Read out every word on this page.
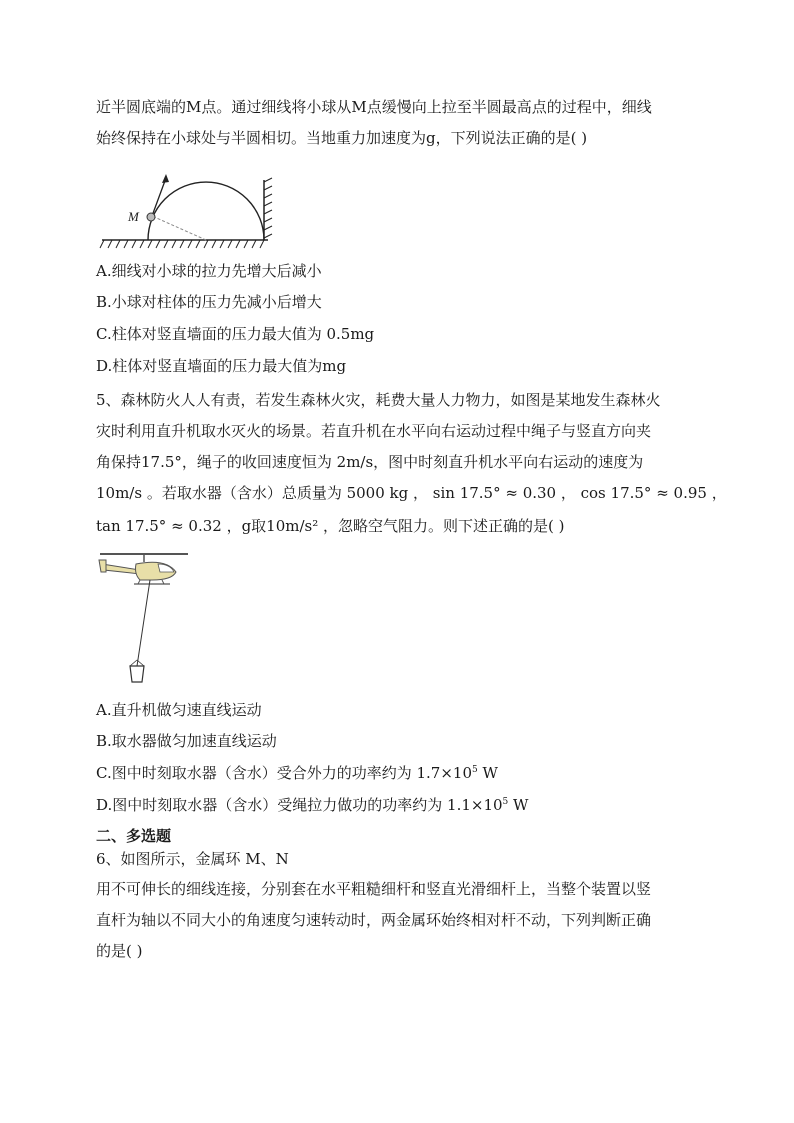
近半圆底端的M点。通过细线将小球从M点缓慢向上拉至半圆最高点的过程中，细线
始终保持在小球处与半圆相切。当地重力加速度为g，下列说法正确的是( )
M
A.细线对小球的拉力先增大后减小
B.小球对柱体的压力先减小后增大
C.柱体对竖直墙面的压力最大值为 0.5mg
D.柱体对竖直墙面的压力最大值为mg
5、森林防火人人有责，若发生森林火灾，耗费大量人力物力，如图是某地发生森林火
灾时利用直升机取水灭火的场景。若直升机在水平向右运动过程中绳子与竖直方向夹
角保持17.5°，绳子的收回速度恒为 2m/s，图中时刻直升机水平向右运动的速度为
10m/s 。若取水器（含水）总质量为 5000 kg ， sin 17.5° ≈ 0.30 ， cos 17.5° ≈ 0.95 ，
tan 17.5° ≈ 0.32 ，g取10m/s² ，忽略空气阻力。则下述正确的是( )
A.直升机做匀速直线运动
B.取水器做匀加速直线运动
C.图中时刻取水器（含水）受合外力的功率约为 $1.7\times 10^5$ W
D.图中时刻取水器（含水）受绳拉力做功的功率约为 $1.1\times 10^5$ W
二、多选题
6、如图所示，金属环 M、N
用不可伸长的细线连接，分别套在水平粗糙细杆和竖直光滑细杆上，当整个装置以竖
直杆为轴以不同大小的角速度匀速转动时，两金属环始终相对杆不动，下列判断正确
的是( )
